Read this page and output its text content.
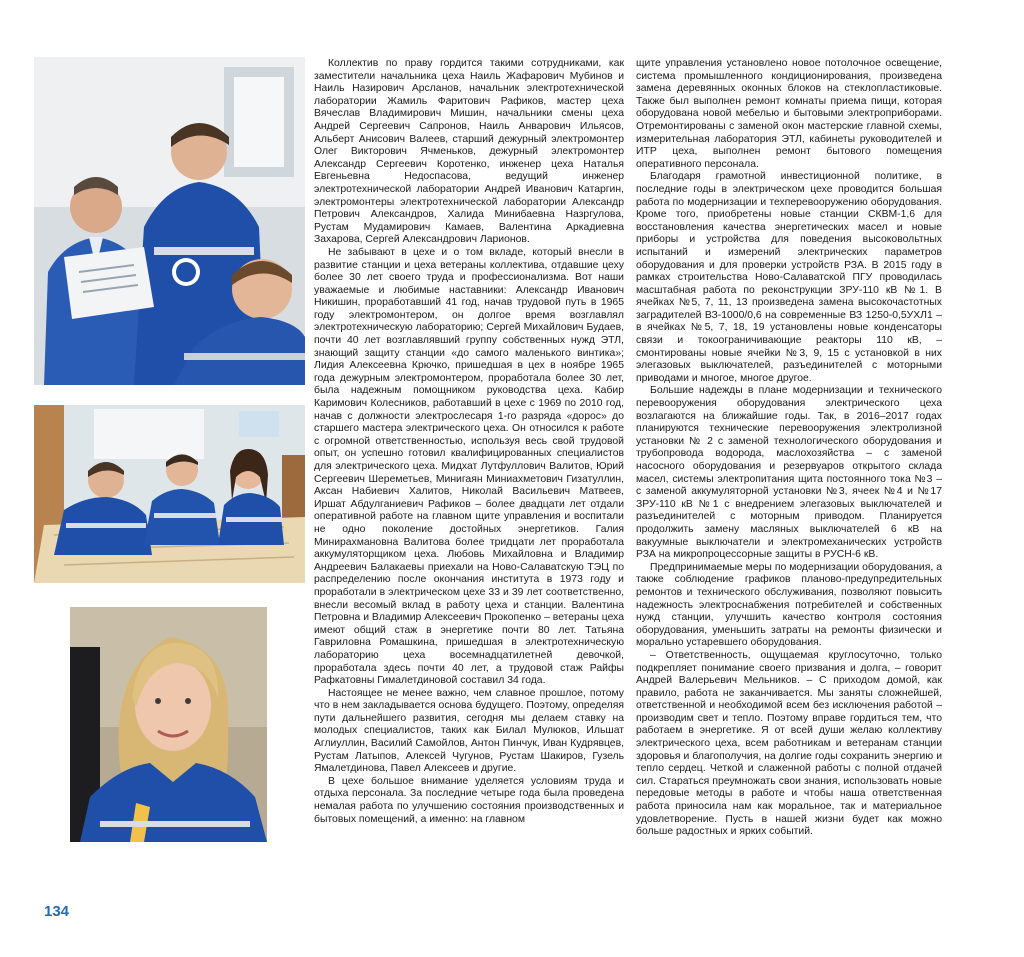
Коллектив по праву гордится такими сотрудниками, как заместители начальника цеха Наиль Жафарович Мубинов и Наиль Назирович Арсланов, начальник электротехнической лаборатории Жамиль Фаритович Рафиков, мастер цеха Вячеслав Владимирович Мишин, начальники смены цеха Андрей Сергеевич Сапронов, Наиль Анварович Ильясов, Альберт Анисович Валеев, старший дежурный электромонтер Олег Викторович Ячменьков, дежурный электромонтер Александр Сергеевич Коротенко, инженер цеха Наталья Евгеньевна Недоспасова, ведущий инженер электротехнической лаборатории Андрей Иванович Катаргин, электромонтеры электротехнической лаборатории Александр Петрович Александров, Халида Минибаевна Назргулова, Рустам Мудамирович Камаев, Валентина Аркадиевна Захарова, Сергей Александрович Ларионов.

Не забывают в цехе и о том вкладе, который внесли в развитие станции и цеха ветераны коллектива, отдавшие цеху более 30 лет своего труда и профессионализма. Вот наши уважаемые и любимые наставники: Александр Иванович Никишин, проработавший 41 год, начав трудовой путь в 1965 году электромонтером, он долгое время возглавлял электротехническую лабораторию; Сергей Михайлович Будаев, почти 40 лет возглавлявший группу собственных нужд ЭТЛ, знающий защиту станции «до самого маленького винтика»; Лидия Алексеевна Крючко, пришедшая в цех в ноябре 1965 года дежурным электромонтером, проработала более 30 лет, была надежным помощником руководства цеха. Кабир Каримович Колесников, работавший в цехе с 1969 по 2010 год, начав с должности электрослесаря 1-го разряда «дорос» до старшего мастера электрического цеха. Он относился к работе с огромной ответственностью, используя весь свой трудовой опыт, он успешно готовил квалифицированных специалистов для электрического цеха. Мидхат Лутфуллович Валитов, Юрий Сергеевич Шереметьев, Минигаян Миниахметович Гизатуллин, Аксан Набиевич Халитов, Николай Васильевич Матвеев, Иршат Абдулганиевич Рафиков – более двадцати лет отдали оперативной работе на главном щите управления и воспитали не одно поколение достойных энергетиков. Галия Минирахмановна Валитова более тридцати лет проработала аккумуляторщиком цеха. Любовь Михайловна и Владимир Андреевич Балакаевы приехали на Ново-Салаватскую ТЭЦ по распределению после окончания института в 1973 году и проработали в электрическом цехе 33 и 39 лет соответственно, внесли весомый вклад в работу цеха и станции. Валентина Петровна и Владимир Алексеевич Прокопенко – ветераны цеха имеют общий стаж в энергетике почти 80 лет. Татьяна Гавриловна Ромашкина, пришедшая в электротехническую лабораторию цеха восемнадцатилетней девочкой, проработала здесь почти 40 лет, а трудовой стаж Райфы Рафкатовны Гималетдиновой составил 34 года.

Настоящее не менее важно, чем славное прошлое, потому что в нем закладывается основа будущего. Поэтому, определяя пути дальнейшего развития, сегодня мы делаем ставку на молодых специалистов, таких как Билал Мулюков, Ильшат Аглиуллин, Василий Самойлов, Антон Пинчук, Иван Кудрявцев, Рустам Латыпов, Алексей Чугунов, Рустам Шакиров, Гузель Ямалетдинова, Павел Алексеев и другие.

В цехе большое внимание уделяется условиям труда и отдыха персонала. За последние четыре года была проведена немалая работа по улучшению состояния производственных и бытовых помещений, а именно: на главном

щите управления установлено новое потолочное освещение, система промышленного кондиционирования, произведена замена деревянных оконных блоков на стеклопластиковые. Также был выполнен ремонт комнаты приема пищи, которая оборудована новой мебелью и бытовыми электроприборами. Отремонтированы с заменой окон мастерские главной схемы, измерительная лаборатория ЭТЛ, кабинеты руководителей и ИТР цеха, выполнен ремонт бытового помещения оперативного персонала.

Благодаря грамотной инвестиционной политике, в последние годы в электрическом цехе проводится большая работа по модернизации и техперевооружению оборудования. Кроме того, приобретены новые станции СКВМ-1,6 для восстановления качества энергетических масел и новые приборы и устройства для поведения высоковольтных испытаний и измерений электрических параметров оборудования и для проверки устройств РЗА. В 2015 году в рамках строительства Ново-Салаватской ПГУ проводилась масштабная работа по реконструкции ЗРУ-110 кВ №1. В ячейках №5, 7, 11, 13 произведена замена высокочастотных заградителей ВЗ-1000/0,6 на современные ВЗ 1250-0,5УХЛ1 – в ячейках №5, 7, 18, 19 установлены новые конденсаторы связи и токоограничивающие реакторы 110 кВ, – смонтированы новые ячейки №3, 9, 15 с установкой в них элегазовых выключателей, разъединителей с моторными приводами и многое, многое другое.

Большие надежды в плане модернизации и технического перевооружения оборудования электрического цеха возлагаются на ближайшие годы. Так, в 2016–2017 годах планируются технические перевооружения электролизной установки № 2 с заменой технологического оборудования и трубопровода водорода, маслохозяйства – с заменой насосного оборудования и резервуаров открытого склада масел, системы электропитания щита постоянного тока №3 – с заменой аккумуляторной установки №3, ячеек №4 и №17 ЗРУ-110 кВ №1 с внедрением элегазовых выключателей и разъединителей с моторным приводом. Планируется продолжить замену масляных выключателей 6 кВ на вакуумные выключатели и электромеханических устройств РЗА на микропроцессорные защиты в РУСН-6 кВ.

Предпринимаемые меры по модернизации оборудования, а также соблюдение графиков планово-предупредительных ремонтов и технического обслуживания, позволяют повысить надежность электроснабжения потребителей и собственных нужд станции, улучшить качество контроля состояния оборудования, уменьшить затраты на ремонты физически и морально устаревшего оборудования.

– Ответственность, ощущаемая круглосуточно, только подкрепляет понимание своего призвания и долга, – говорит Андрей Валерьевич Мельников. – С приходом домой, как правило, работа не заканчивается. Мы заняты сложнейшей, ответственной и необходимой всем без исключения работой – производим свет и тепло. Поэтому вправе гордиться тем, что работаем в энергетике. Я от всей души желаю коллективу электрического цеха, всем работникам и ветеранам станции здоровья и благополучия, на долгие годы сохранить энергию и тепло сердец. Четкой и слаженной работы с полной отдачей сил. Стараться преумножать свои знания, использовать новые передовые методы в работе и чтобы наша ответственная работа приносила нам как моральное, так и материальное удовлетворение. Пусть в нашей жизни будет как можно больше радостных и ярких событий.

134
